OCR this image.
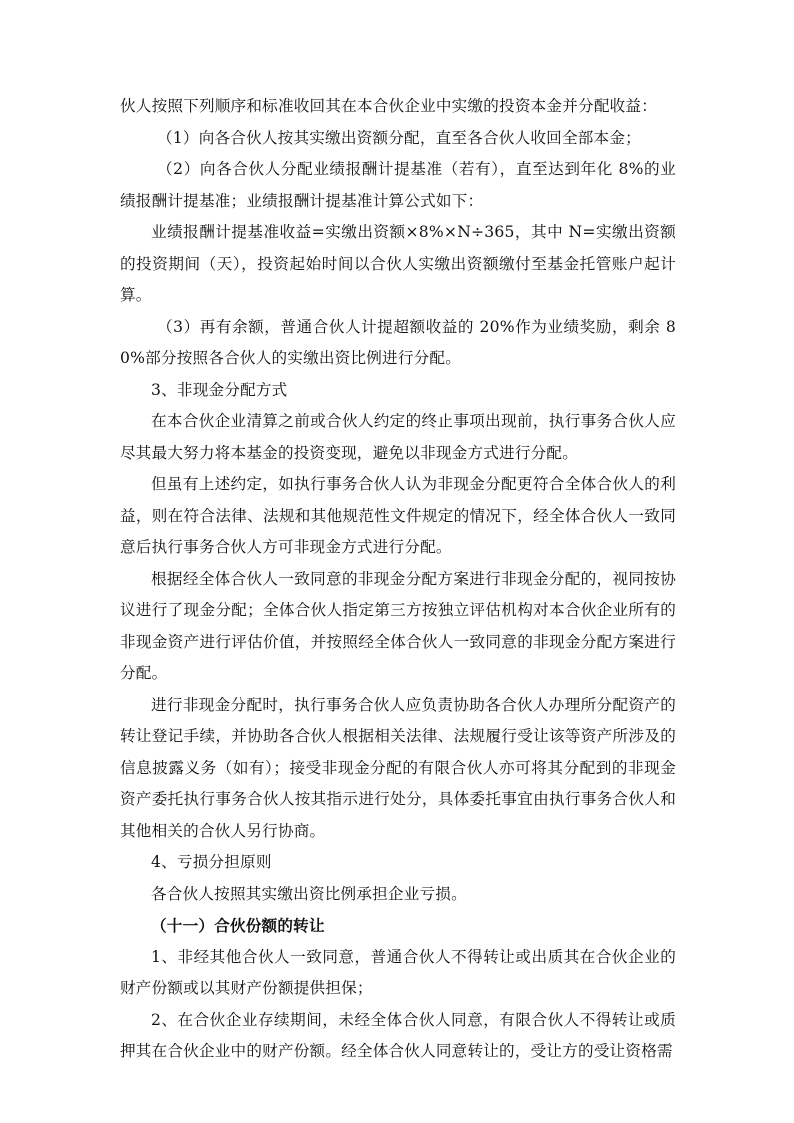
伙人按照下列顺序和标准收回其在本合伙企业中实缴的投资本金并分配收益：

（1）向各合伙人按其实缴出资额分配，直至各合伙人收回全部本金；

（2）向各合伙人分配业绩报酬计提基准（若有），直至达到年化 8%的业绩报酬计提基准；业绩报酬计提基准计算公式如下：

业绩报酬计提基准收益=实缴出资额×8%×N÷365，其中 N=实缴出资额的投资期间（天），投资起始时间以合伙人实缴出资额缴付至基金托管账户起计算。

（3）再有余额，普通合伙人计提超额收益的 20%作为业绩奖励，剩余 80%部分按照各合伙人的实缴出资比例进行分配。

3、非现金分配方式

在本合伙企业清算之前或合伙人约定的终止事项出现前，执行事务合伙人应尽其最大努力将本基金的投资变现，避免以非现金方式进行分配。

但虽有上述约定，如执行事务合伙人认为非现金分配更符合全体合伙人的利益，则在符合法律、法规和其他规范性文件规定的情况下，经全体合伙人一致同意后执行事务合伙人方可非现金方式进行分配。

根据经全体合伙人一致同意的非现金分配方案进行非现金分配的，视同按协议进行了现金分配；全体合伙人指定第三方按独立评估机构对本合伙企业所有的非现金资产进行评估价值，并按照经全体合伙人一致同意的非现金分配方案进行分配。

进行非现金分配时，执行事务合伙人应负责协助各合伙人办理所分配资产的转让登记手续，并协助各合伙人根据相关法律、法规履行受让该等资产所涉及的信息披露义务（如有）；接受非现金分配的有限合伙人亦可将其分配到的非现金资产委托执行事务合伙人按其指示进行处分，具体委托事宜由执行事务合伙人和其他相关的合伙人另行协商。

4、亏损分担原则

各合伙人按照其实缴出资比例承担企业亏损。

（十一）合伙份额的转让

1、非经其他合伙人一致同意，普通合伙人不得转让或出质其在合伙企业的财产份额或以其财产份额提供担保；

2、在合伙企业存续期间，未经全体合伙人同意，有限合伙人不得转让或质押其在合伙企业中的财产份额。经全体合伙人同意转让的，受让方的受让资格需
